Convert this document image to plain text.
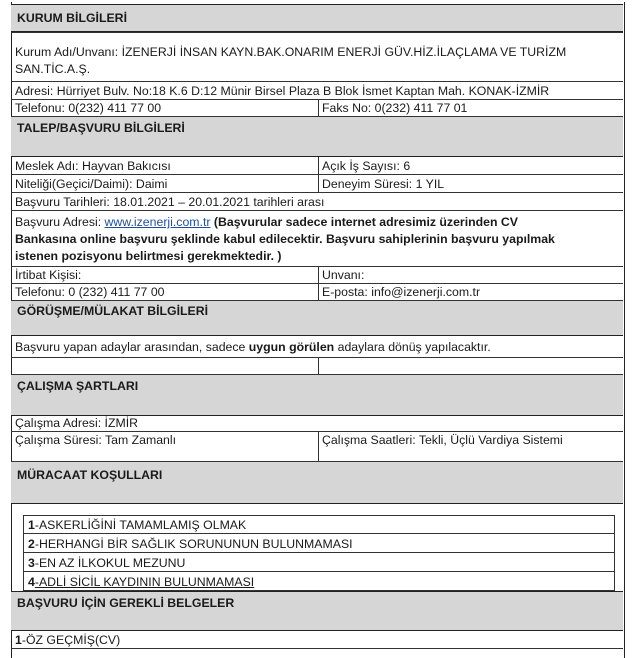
KURUM BİLGİLERİ
Kurum Adı/Unvanı: İZENERJİ İNSAN KAYN.BAK.ONARIM ENERJİ GÜV.HİZ.İLAÇLAMA VE TURİZM
SAN.TİC.A.Ş.
Adresi: Hürriyet Bulv. No:18 K.6 D:12 Münir Birsel Plaza B Blok İsmet Kaptan Mah. KONAK-İZMİR
Telefonu: 0(232) 411 77 00	Faks No: 0(232) 411 77 01
TALEP/BAŞVURU BİLGİLERİ
Meslek Adı: Hayvan Bakıcısı	Açık İş Sayısı: 6
Niteliği(Geçici/Daimi): Daimi	Deneyim Süresi: 1 YIL
Başvuru Tarihleri: 18.01.2021 – 20.01.2021 tarihleri arası
Başvuru Adresi: www.izenerji.com.tr (Başvurular sadece internet adresimiz üzerinden CV
Bankasına online başvuru şeklinde kabul edilecektir. Başvuru sahiplerinin başvuru yapılmak
istenen pozisyonu belirtmesi gerekmektedir. )
İrtibat Kişisi:	Unvanı:
Telefonu: 0 (232) 411 77 00	E-posta: info@izenerji.com.tr
GÖRÜŞME/MÜLAKAT BİLGİLERİ
Başvuru yapan adaylar arasından, sadece uygun görülen adaylara dönüş yapılacaktır.
ÇALIŞMA ŞARTLARI
Çalışma Adresi: İZMİR
Çalışma Süresi: Tam Zamanlı	Çalışma Saatleri: Tekli, Üçlü Vardiya Sistemi
MÜRACAAT KOŞULLARI
1-ASKERLİĞİNİ TAMAMLAMIŞ OLMAK
2-HERHANGİ BİR SAĞLIK SORUNUNUN BULUNMAMASI
3-EN AZ İLKOKUL MEZUNU
4-ADLİ SİCİL KAYDININ BULUNMAMASI
BAŞVURU İÇİN GEREKLİ BELGELER
1-ÖZ GEÇMİŞ(CV)
